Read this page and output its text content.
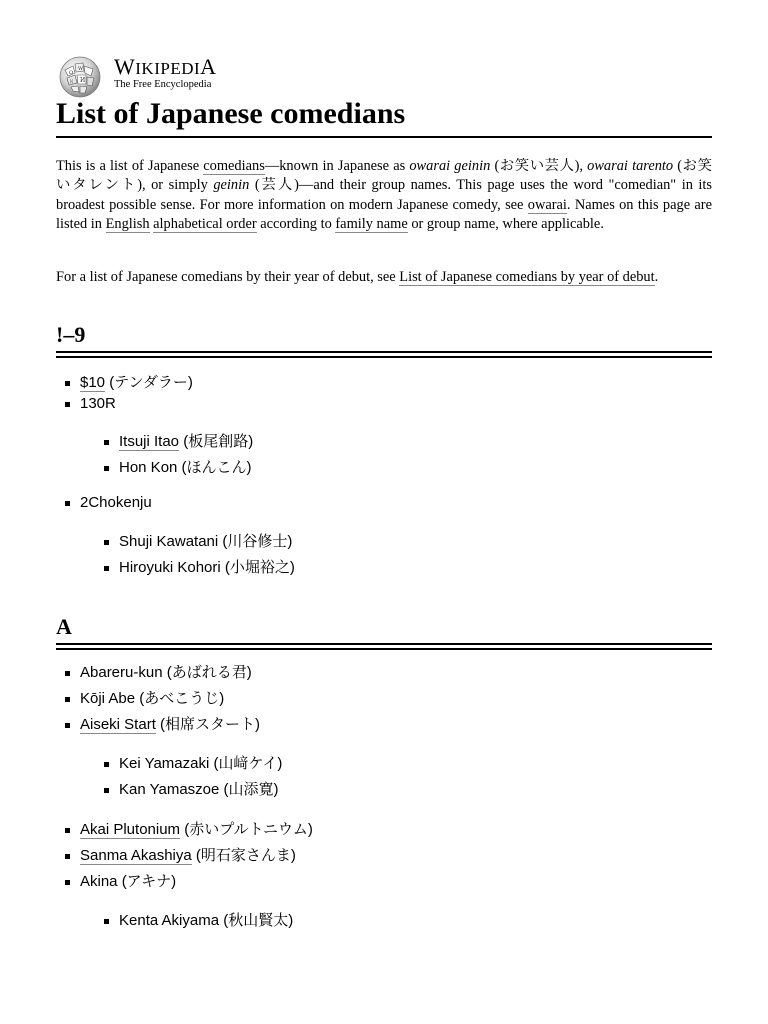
Ω
W
И
ᛞ
WIKIPEDIA
The Free Encyclopedia
List of Japanese comedians

This is a list of Japanese comedians—known in Japanese as owarai geinin (お笑い芸人), owarai tarento (お笑いタレント), or simply geinin (芸人)—and their group names. This page uses the word "comedian" in its broadest possible sense. For more information on modern Japanese comedy, see owarai. Names on this page are listed in English alphabetical order according to family name or group name, where applicable.

For a list of Japanese comedians by their year of debut, see List of Japanese comedians by year of debut.

!–9
$10 (テンダラー)
130R
Itsuji Itao (板尾創路)
Hon Kon (ほんこん)
2Chokenju
Shuji Kawatani (川谷修士)
Hiroyuki Kohori (小堀裕之)
A
Abareru-kun (あばれる君)
Kōji Abe (あべこうじ)
Aiseki Start (相席スタート)
Kei Yamazaki (山﨑ケイ)
Kan Yamaszoe (山添寛)
Akai Plutonium (赤いプルトニウム)
Sanma Akashiya (明石家さんま)
Akina (アキナ)
Kenta Akiyama (秋山賢太)
